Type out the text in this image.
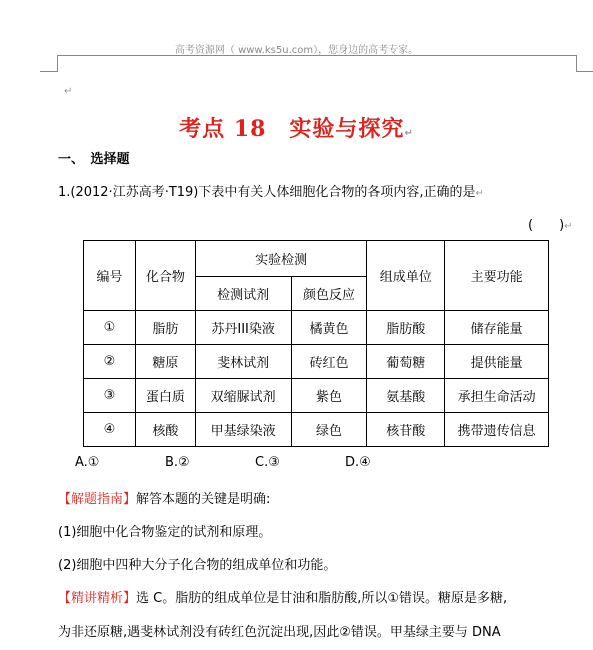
高考资源网（ www.ks5u.com），您身边的高考专家。
↵
考点 18　实验与探究↵
一、　选择题
1.(2012·江苏高考·T19)下表中有关人体细胞化合物的各项内容,正确的是↵
(　　)↵
编号	化合物	实验检测		组成单位	主要功能
		检测试剂	颜色反应		
①	脂肪	苏丹III染液	橘黄色	脂肪酸	储存能量
②	糖原	斐林试剂	砖红色	葡萄糖	提供能量
③	蛋白质	双缩脲试剂	紫色	氨基酸	承担生命活动
④	核酸	甲基绿染液	绿色	核苷酸	携带遗传信息
A.①	B.②	C.③	D.④
【解题指南】解答本题的关键是明确:
(1)细胞中化合物鉴定的试剂和原理。
(2)细胞中四种大分子化合物的组成单位和功能。
【精讲精析】选 C。脂肪的组成单位是甘油和脂肪酸,所以①错误。糖原是多糖,
为非还原糖,遇斐林试剂没有砖红色沉淀出现,因此②错误。甲基绿主要与 DNA
